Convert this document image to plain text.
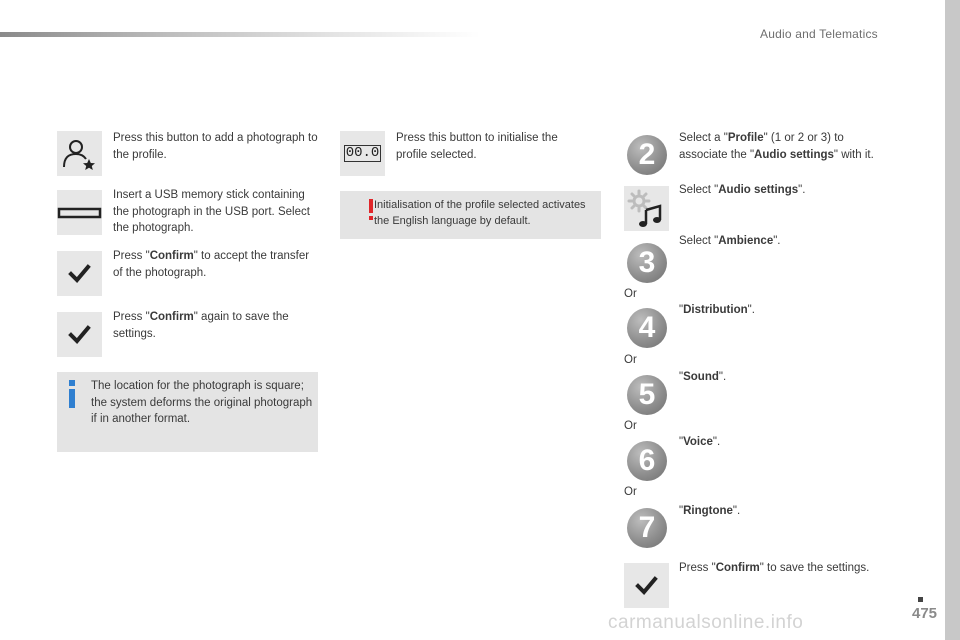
Audio and Telematics
Press this button to add a photograph to the profile.
Insert a USB memory stick containing the photograph in the USB port. Select the photograph.
Press "Confirm" to accept the transfer of the photograph.
Press "Confirm" again to save the settings.
The location for the photograph is square; the system deforms the original photograph if in another format.
00.0
Press this button to initialise the profile selected.
Initialisation of the profile selected activates the English language by default.
2	Select a "Profile" (1 or 2 or 3) to associate the "Audio settings" with it.
Select "Audio settings".
3
Select "Ambience".
Or
4
"Distribution".
Or
5
"Sound".
Or
6
"Voice".
Or
7	"Ringtone".
Press "Confirm" to save the settings.
475
carmanualsonline.info
